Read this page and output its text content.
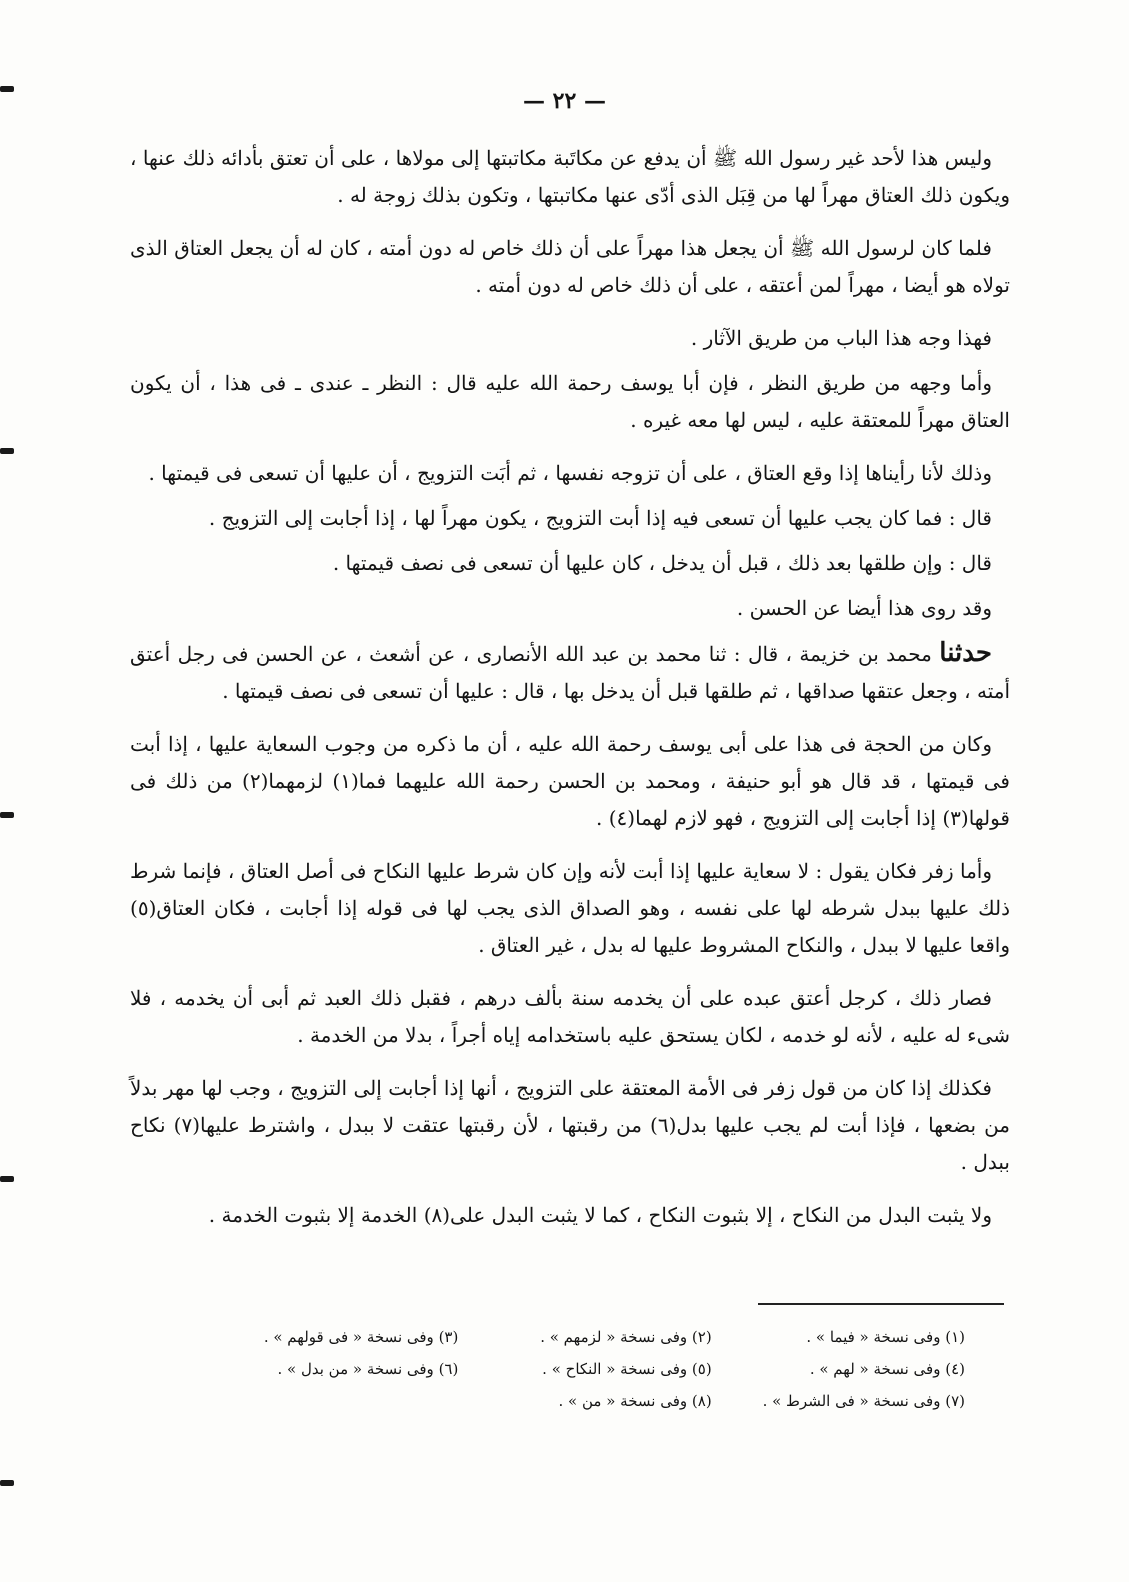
— ٢٢ —

وليس هذا لأحد غير رسول الله ﷺ أن يدفع عن مكاتَبة مكاتبتها إلى مولاها ، على أن تعتق بأدائه ذلك عنها ، ويكون ذلك العتاق مهراً لها من قِبَل الذى أدّى عنها مكاتبتها ، وتكون بذلك زوجة له .

فلما كان لرسول الله ﷺ أن يجعل هذا مهراً على أن ذلك خاص له دون أمته ، كان له أن يجعل العتاق الذى تولاه هو أيضا ، مهراً لمن أعتقه ، على أن ذلك خاص له دون أمته .

فهذا وجه هذا الباب من طريق الآثار .

وأما وجهه من طريق النظر ، فإن أبا يوسف رحمة الله عليه قال : النظر ـ عندى ـ فى هذا ، أن يكون العتاق مهراً للمعتقة عليه ، ليس لها معه غيره .

وذلك لأنا رأيناها إذا وقع العتاق ، على أن تزوجه نفسها ، ثم أبَت التزويج ، أن عليها أن تسعى فى قيمتها .

قال : فما كان يجب عليها أن تسعى فيه إذا أبت التزويج ، يكون مهراً لها ، إذا أجابت إلى التزويج .

قال : وإن طلقها بعد ذلك ، قبل أن يدخل ، كان عليها أن تسعى فى نصف قيمتها .

وقد روى هذا أيضا عن الحسن .

حدثنا محمد بن خزيمة ، قال : ثنا محمد بن عبد الله الأنصارى ، عن أشعث ، عن الحسن فى رجل أعتق أمته ، وجعل عتقها صداقها ، ثم طلقها قبل أن يدخل بها ، قال : عليها أن تسعى فى نصف قيمتها .

وكان من الحجة فى هذا على أبى يوسف رحمة الله عليه ، أن ما ذكره من وجوب السعاية عليها ، إذا أبت فى قيمتها ، قد قال هو أبو حنيفة ، ومحمد بن الحسن رحمة الله عليهما فما(١) لزمهما(٢) من ذلك فى قولها(٣) إذا أجابت إلى التزويج ، فهو لازم لهما(٤) .

وأما زفر فكان يقول : لا سعاية عليها إذا أبت لأنه وإن كان شرط عليها النكاح فى أصل العتاق ، فإنما شرط ذلك عليها ببدل شرطه لها على نفسه ، وهو الصداق الذى يجب لها فى قوله إذا أجابت ، فكان العتاق(٥) واقعا عليها لا ببدل ، والنكاح المشروط عليها له بدل ، غير العتاق .

فصار ذلك ، كرجل أعتق عبده على أن يخدمه سنة بألف درهم ، فقبل ذلك العبد ثم أبى أن يخدمه ، فلا شىء له عليه ، لأنه لو خدمه ، لكان يستحق عليه باستخدامه إياه أجراً ، بدلا من الخدمة .

فكذلك إذا كان من قول زفر فى الأمة المعتقة على التزويج ، أنها إذا أجابت إلى التزويج ، وجب لها مهر بدلاً من بضعها ، فإذا أبت لم يجب عليها بدل(٦) من رقبتها ، لأن رقبتها عتقت لا ببدل ، واشترط عليها(٧) نكاح ببدل .

ولا يثبت البدل من النكاح ، إلا بثبوت النكاح ، كما لا يثبت البدل على(٨) الخدمة إلا بثبوت الخدمة .

(١) وفى نسخة « فيما » .
(٢) وفى نسخة « لزمهم » .
(٣) وفى نسخة « فى قولهم » .
(٤) وفى نسخة « لهم » .
(٥) وفى نسخة « النكاح » .
(٦) وفى نسخة « من بدل » .
(٧) وفى نسخة « فى الشرط » .
(٨) وفى نسخة « من » .
